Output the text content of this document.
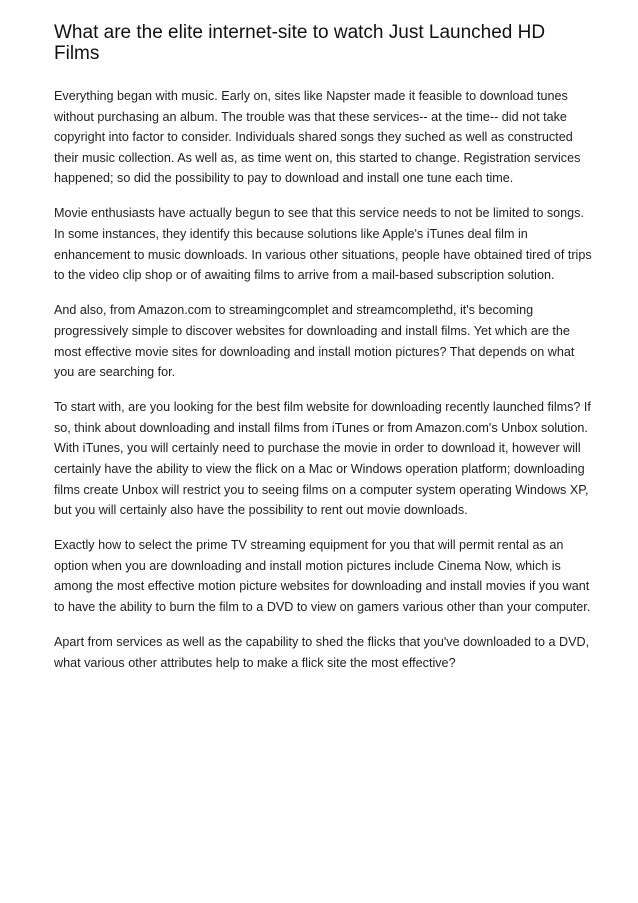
What are the elite internet-site to watch Just Launched HD Films

Everything began with music. Early on, sites like Napster made it feasible to download tunes without purchasing an album. The trouble was that these services-- at the time-- did not take copyright into factor to consider. Individuals shared songs they suched as well as constructed their music collection. As well as, as time went on, this started to change. Registration services happened; so did the possibility to pay to download and install one tune each time.

Movie enthusiasts have actually begun to see that this service needs to not be limited to songs. In some instances, they identify this because solutions like Apple's iTunes deal film in enhancement to music downloads. In various other situations, people have obtained tired of trips to the video clip shop or of awaiting films to arrive from a mail-based subscription solution.

And also, from Amazon.com to streamingcomplet and streamcomplethd, it's becoming progressively simple to discover websites for downloading and install films. Yet which are the most effective movie sites for downloading and install motion pictures? That depends on what you are searching for.

To start with, are you looking for the best film website for downloading recently launched films? If so, think about downloading and install films from iTunes or from Amazon.com's Unbox solution. With iTunes, you will certainly need to purchase the movie in order to download it, however will certainly have the ability to view the flick on a Mac or Windows operation platform; downloading films create Unbox will restrict you to seeing films on a computer system operating Windows XP, but you will certainly also have the possibility to rent out movie downloads.

Exactly how to select the prime TV streaming equipment for you that will permit rental as an option when you are downloading and install motion pictures include Cinema Now, which is among the most effective motion picture websites for downloading and install movies if you want to have the ability to burn the film to a DVD to view on gamers various other than your computer.

Apart from services as well as the capability to shed the flicks that you've downloaded to a DVD, what various other attributes help to make a flick site the most effective?
